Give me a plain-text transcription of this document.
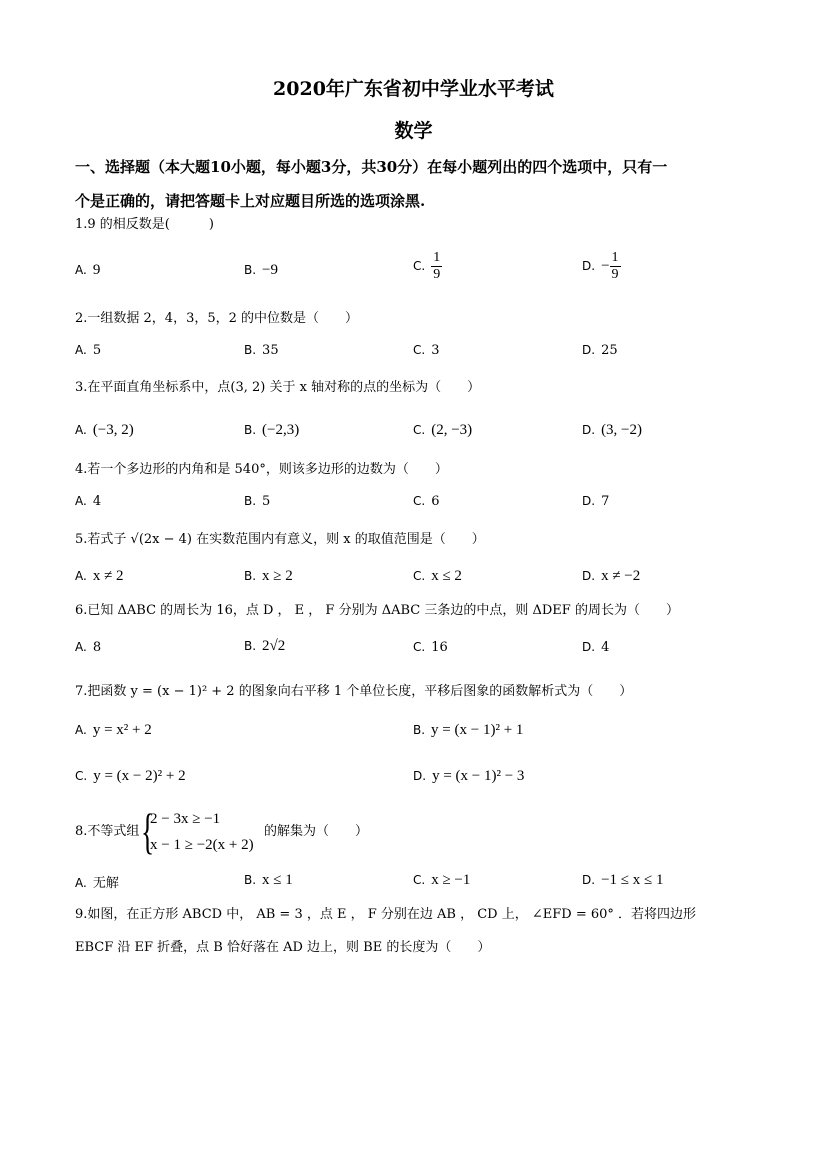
2020年广东省初中学业水平考试
数学
一、选择题（本大题10小题，每小题3分，共30分）在每小题列出的四个选项中，只有一
个是正确的，请把答题卡上对应题目所选的选项涂黑.
1.9 的相反数是(　　　)
A. 9	B. −9	C. $\frac{1}{9}$	D. − $\frac{1}{9}$
2.一组数据 2，4，3，5，2 的中位数是（　　）
A. 5	B. 35	C. 3	D. 25
3.在平面直角坐标系中，点(3, 2) 关于 x 轴对称的点的坐标为（　　）
A. (−3, 2)	B. (−2,3)	C. (2, −3)	D. (3, −2)
4.若一个多边形的内角和是 540°，则该多边形的边数为（　　）
A. 4	B. 5	C. 6	D. 7
5.若式子 √(2x − 4) 在实数范围内有意义，则 x 的取值范围是（　　）
A. x ≠ 2	B. x ≥ 2	C. x ≤ 2	D. x ≠ −2
6.已知 ΔABC 的周长为 16，点 D ， E ， F 分别为 ΔABC 三条边的中点，则 ΔDEF 的周长为（　　）
A. 8	B. 2√2	C. 16	D. 4
7.把函数 y = (x − 1)² + 2 的图象向右平移 1 个单位长度，平移后图象的函数解析式为（　　）
A. y = x² + 2	B. y = (x − 1)² + 1
C. y = (x − 2)² + 2	D. y = (x − 1)² − 3
8.不等式组 {
2 − 3x ≥ −1
x − 1 ≥ −2(x + 2)
的解集为（　　）
A. 无解	B. x ≤ 1	C. x ≥ −1	D. −1 ≤ x ≤ 1
9.如图，在正方形 ABCD 中， AB = 3 ，点 E ， F 分别在边 AB ， CD 上， ∠EFD = 60° ．若将四边形
EBCF 沿 EF 折叠，点 B 恰好落在 AD 边上，则 BE 的长度为（　　）
